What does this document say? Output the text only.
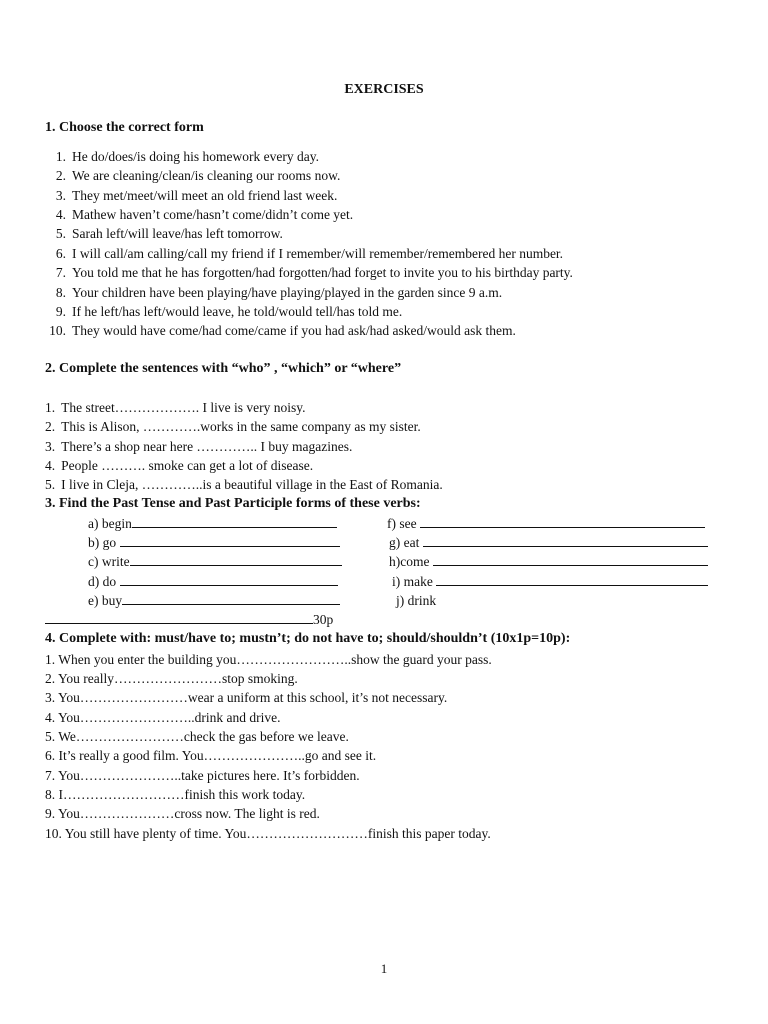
EXERCISES
1. Choose the correct form
1. He do/does/is doing his homework every day.
2. We are cleaning/clean/is cleaning our rooms now.
3. They met/meet/will meet an old friend last week.
4. Mathew haven’t come/hasn’t come/didn’t come yet.
5. Sarah left/will leave/has left tomorrow.
6. I will call/am calling/call my friend if I remember/will remember/remembered her number.
7. You told me that he has forgotten/had forgotten/had forget to invite you to his birthday party.
8. Your children have been playing/have playing/played in the garden since 9 a.m.
9. If he left/has left/would leave, he told/would tell/has told me.
10. They would have come/had come/came if you had ask/had asked/would ask them.
2. Complete the sentences with “who” , “which” or “where”
1. The street………………. I live is very noisy.
2. This is Alison, ………….works in the same company as my sister.
3. There’s a shop near here ………….. I buy magazines.
4. People ………. smoke can get a lot of disease.
5. I live in Cleja, …………..is a beautiful village in the East of Romania.
3. Find the Past Tense and Past Participle forms of these verbs:
a) begin
b) go
c) write
d) do
e) buy
f) see
g) eat
h)come
i) make
j) drink
30p
4. Complete with: must/have to; mustn’t; do not have to; should/shouldn’t (10x1p=10p):
1. When you enter the building you……………………..show the guard your pass.
2. You really……………………stop smoking.
3. You……………………wear a uniform at this school, it’s not necessary.
4. You……………………..drink and drive.
5. We……………………check the gas before we leave.
6. It’s really a good film. You…………………..go and see it.
7. You…………………..take pictures here. It’s forbidden.
8. I………………………finish this work today.
9. You…………………cross now. The light is red.
10. You still have plenty of time. You………………………finish this paper today.
1
